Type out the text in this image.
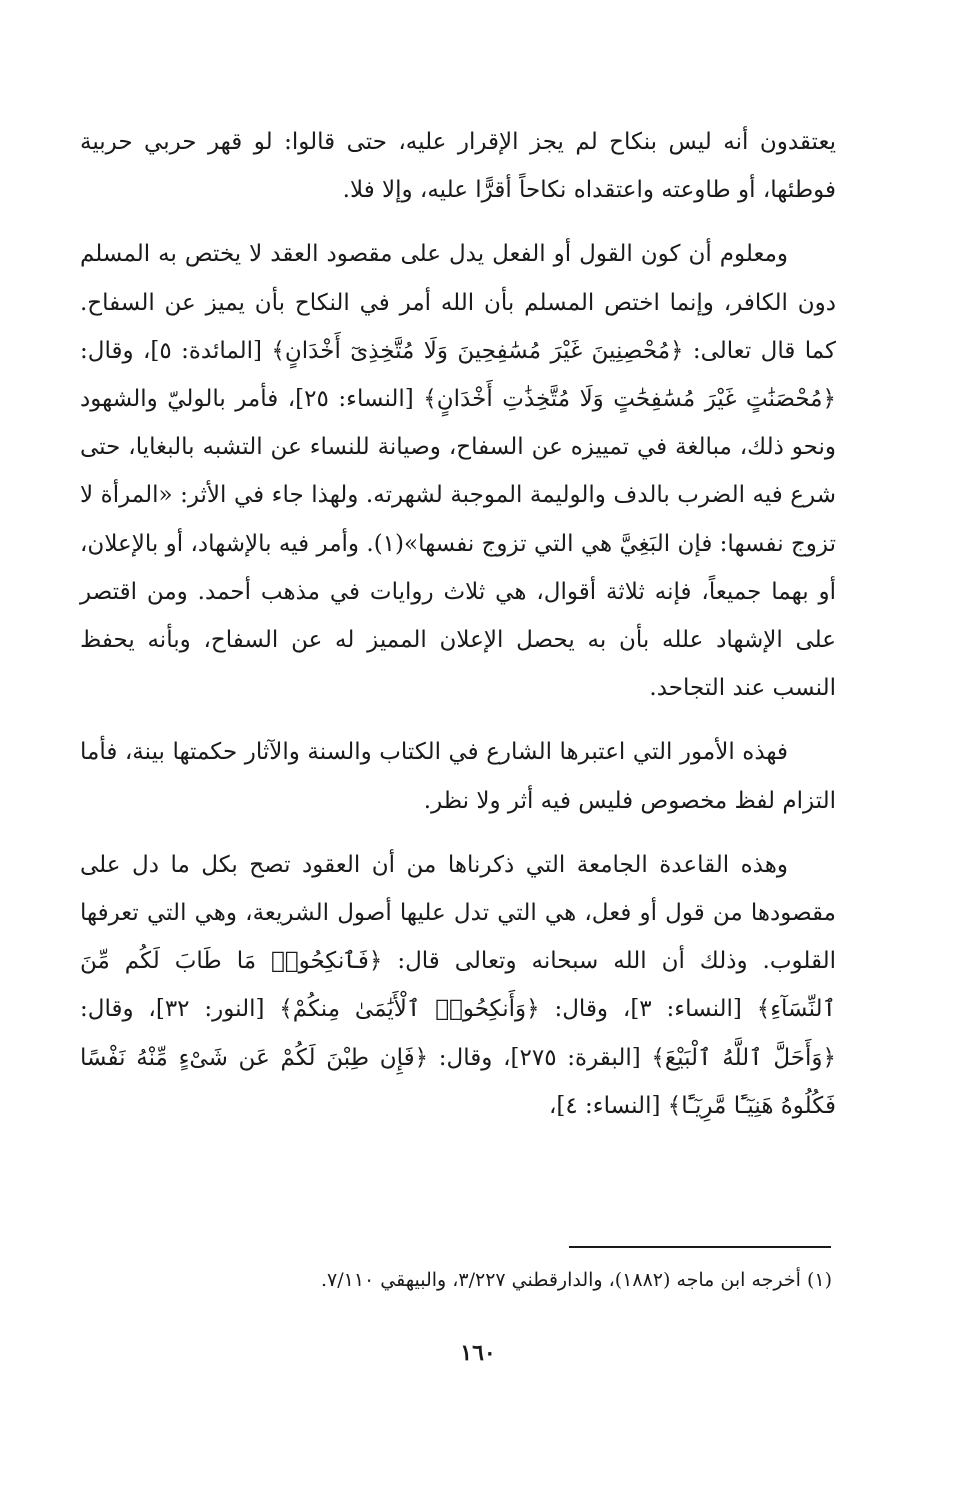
يعتقدون أنه ليس بنكاح لم يجز الإقرار عليه، حتى قالوا: لو قهر حربي حربية فوطئها، أو طاوعته واعتقداه نكاحاً أقرًّا عليه، وإلا فلا.

ومعلوم أن كون القول أو الفعل يدل على مقصود العقد لا يختص به المسلم دون الكافر، وإنما اختص المسلم بأن الله أمر في النكاح بأن يميز عن السفاح. كما قال تعالى: ﴿مُحْصِنِينَ غَيْرَ مُسَٰفِحِينَ وَلَا مُتَّخِذِىٓ أَخْدَانٍ﴾ [المائدة: ٥]، وقال: ﴿مُحْصَنَٰتٍ غَيْرَ مُسَٰفِحَٰتٍ وَلَا مُتَّخِذَٰتِ أَخْدَانٍ﴾ [النساء: ٢٥]، فأمر بالوليّ والشهود ونحو ذلك، مبالغة في تمييزه عن السفاح، وصيانة للنساء عن التشبه بالبغايا، حتى شرع فيه الضرب بالدف والوليمة الموجبة لشهرته. ولهذا جاء في الأثر: «المرأة لا تزوج نفسها: فإن البَغِيَّ هي التي تزوج نفسها»(١). وأمر فيه بالإشهاد، أو بالإعلان، أو بهما جميعاً، فإنه ثلاثة أقوال، هي ثلاث روايات في مذهب أحمد. ومن اقتصر على الإشهاد علله بأن به يحصل الإعلان المميز له عن السفاح، وبأنه يحفظ النسب عند التجاحد.

فهذه الأمور التي اعتبرها الشارع في الكتاب والسنة والآثار حكمتها بينة، فأما التزام لفظ مخصوص فليس فيه أثر ولا نظر.

وهذه القاعدة الجامعة التي ذكرناها من أن العقود تصح بكل ما دل على مقصودها من قول أو فعل، هي التي تدل عليها أصول الشريعة، وهي التي تعرفها القلوب. وذلك أن الله سبحانه وتعالى قال: ﴿فَٱنكِحُوا۟ مَا طَابَ لَكُم مِّنَ ٱلنِّسَآءِ﴾ [النساء: ٣]، وقال: ﴿وَأَنكِحُوا۟ ٱلْأَيَٰمَىٰ مِنكُمْ﴾ [النور: ٣٢]، وقال: ﴿وَأَحَلَّ ٱللَّهُ ٱلْبَيْعَ﴾ [البقرة: ٢٧٥]، وقال: ﴿فَإِن طِبْنَ لَكُمْ عَن شَىْءٍ مِّنْهُ نَفْسًا فَكُلُوهُ هَنِيٓـًٔا مَّرِيٓـًٔا﴾ [النساء: ٤]،

(١) أخرجه ابن ماجه (١٨٨٢)، والدارقطني ٣/٢٢٧، والبيهقي ٧/١١٠.

١٦٠
